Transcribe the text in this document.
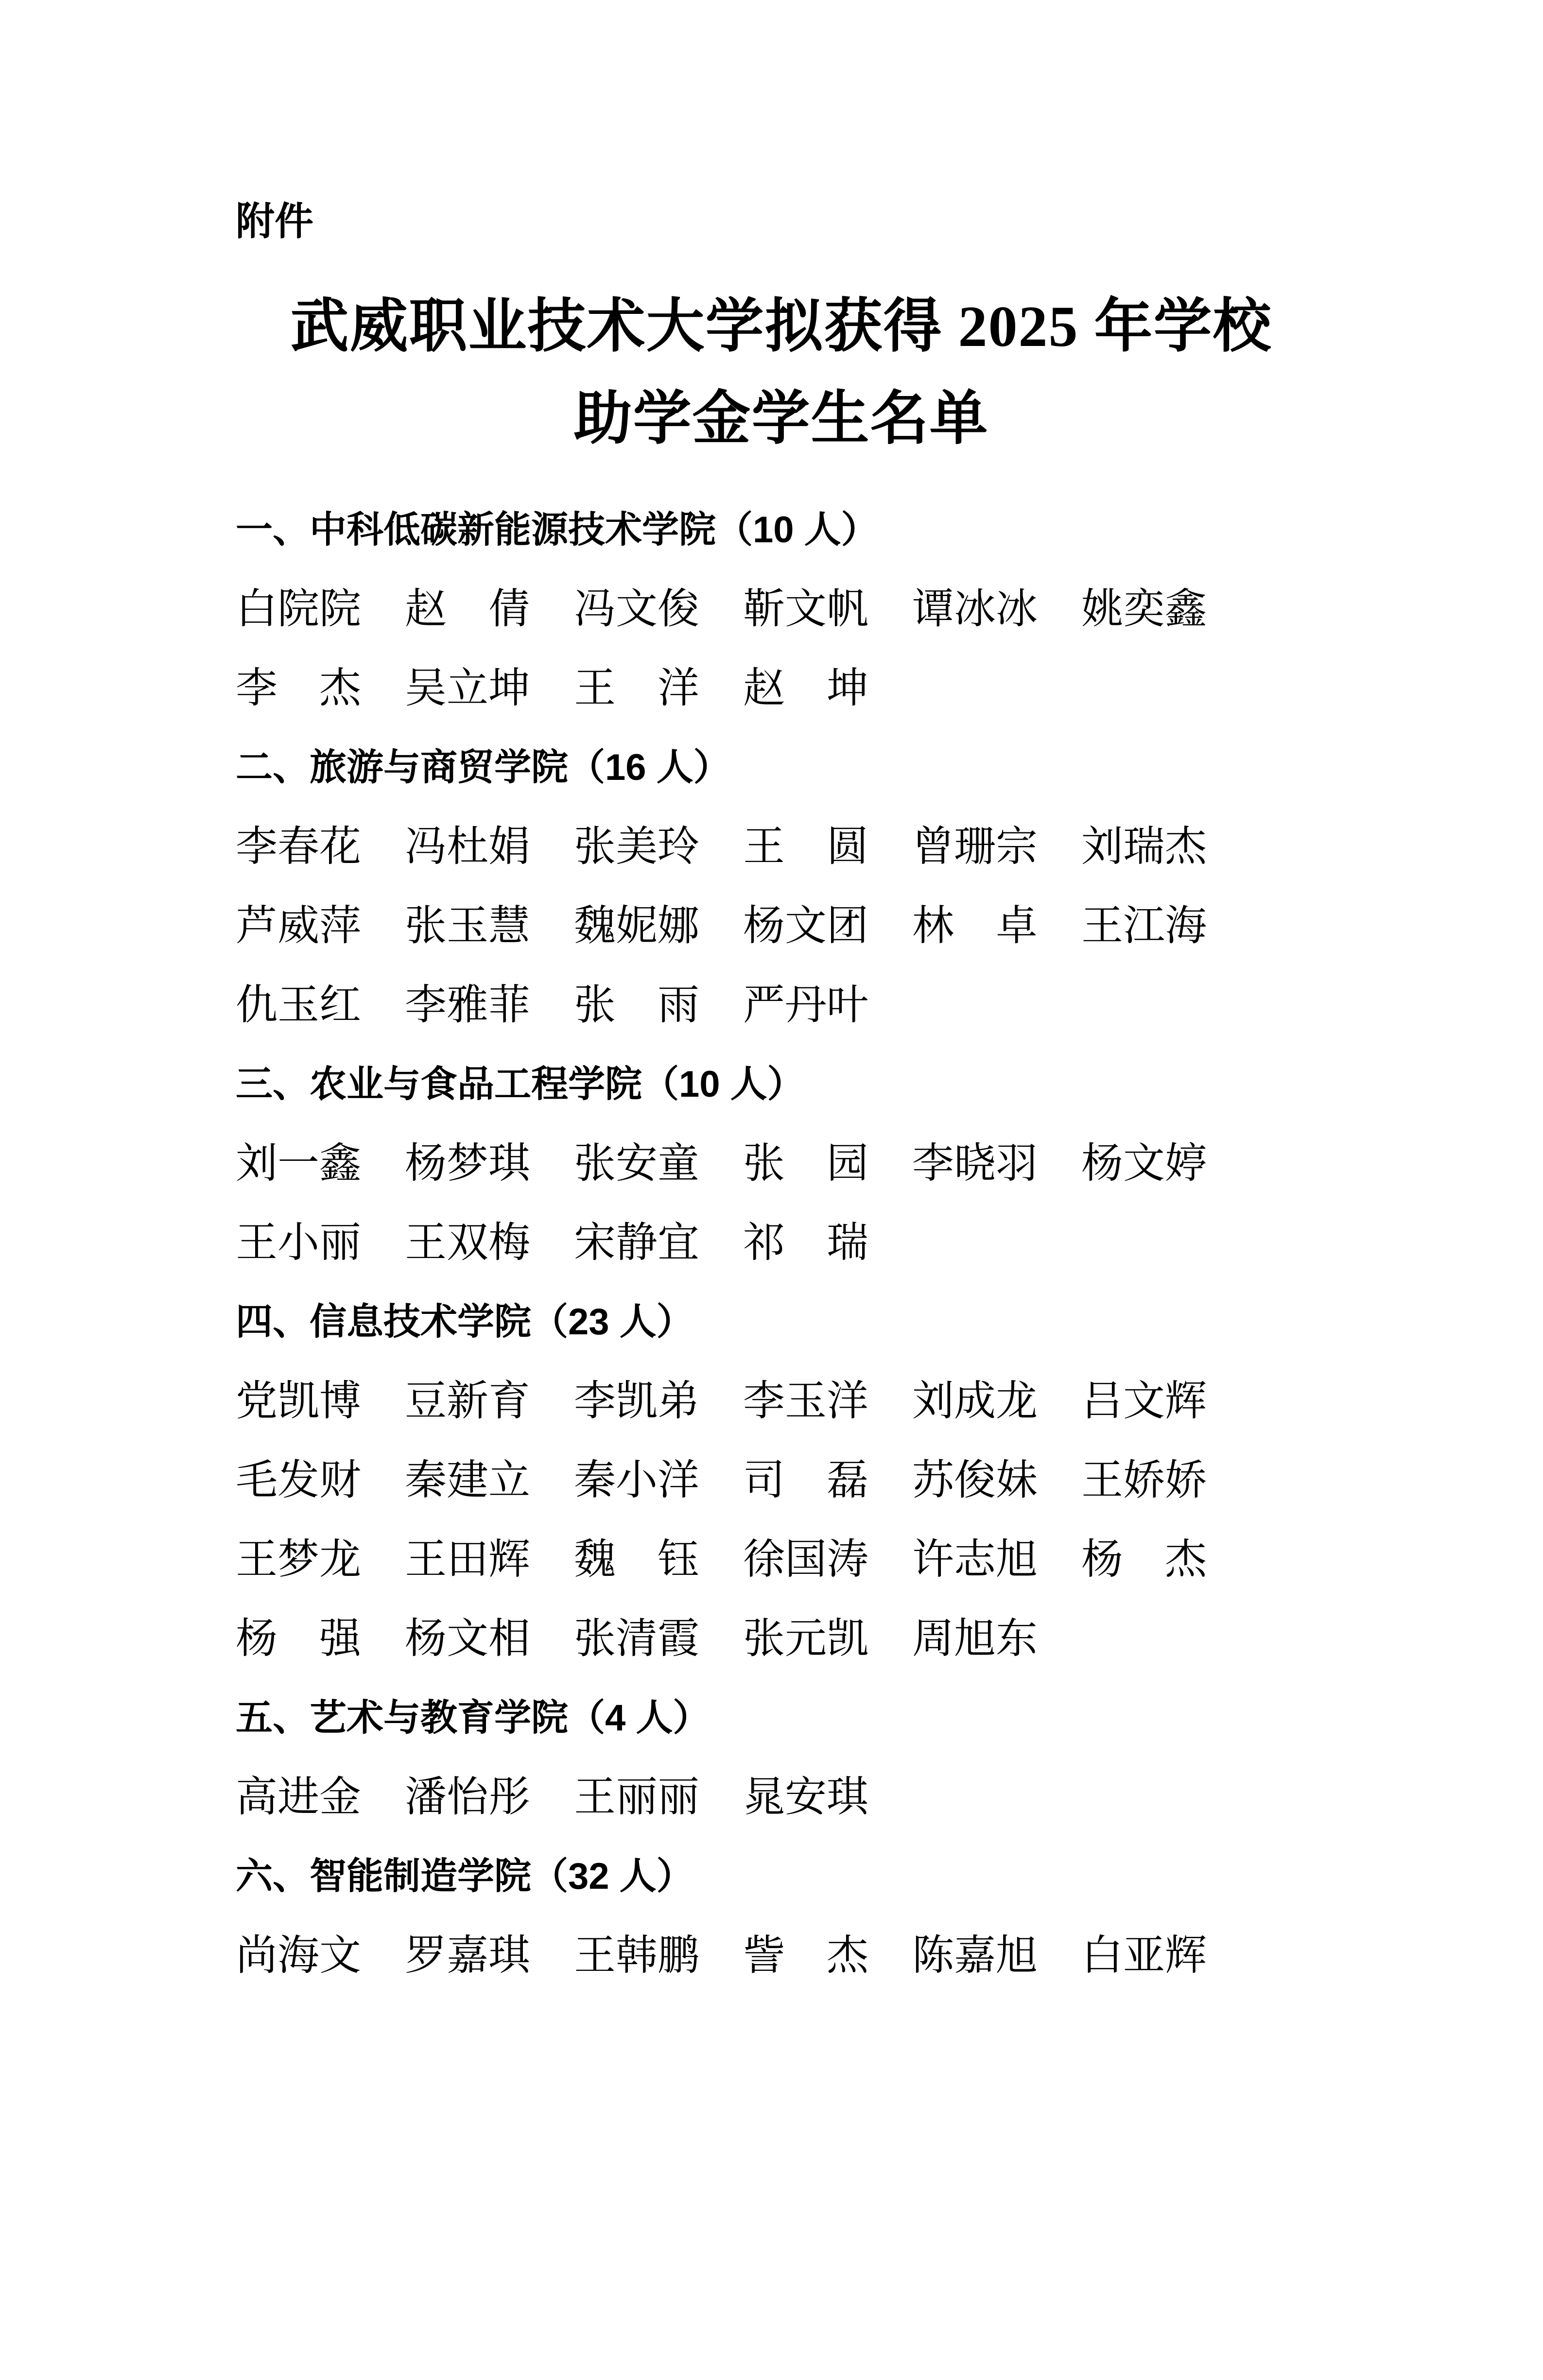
附件
武威职业技术大学拟获得 2025 年学校
助学金学生名单
一、中科低碳新能源技术学院（10 人）
白院院 赵 倩 冯文俊 靳文帆 谭冰冰 姚奕鑫
李 杰 吴立坤 王 洋 赵 坤
二、旅游与商贸学院（16 人）
李春花 冯杜娟 张美玲 王 圆 曾珊宗 刘瑞杰
芦威萍 张玉慧 魏妮娜 杨文团 林 卓 王江海
仇玉红 李雅菲 张 雨 严丹叶
三、农业与食品工程学院（10 人）
刘一鑫 杨梦琪 张安童 张 园 李晓羽 杨文婷
王小丽 王双梅 宋静宜 祁 瑞
四、信息技术学院（23 人）
党凯博 豆新育 李凯弟 李玉洋 刘成龙 吕文辉
毛发财 秦建立 秦小洋 司 磊 苏俊妹 王娇娇
王梦龙 王田辉 魏 钰 徐国涛 许志旭 杨 杰
杨 强 杨文相 张清霞 张元凯 周旭东
五、艺术与教育学院（4 人）
高进金 潘怡彤 王丽丽 晁安琪
六、智能制造学院（32 人）
尚海文 罗嘉琪 王韩鹏 訾 杰 陈嘉旭 白亚辉
